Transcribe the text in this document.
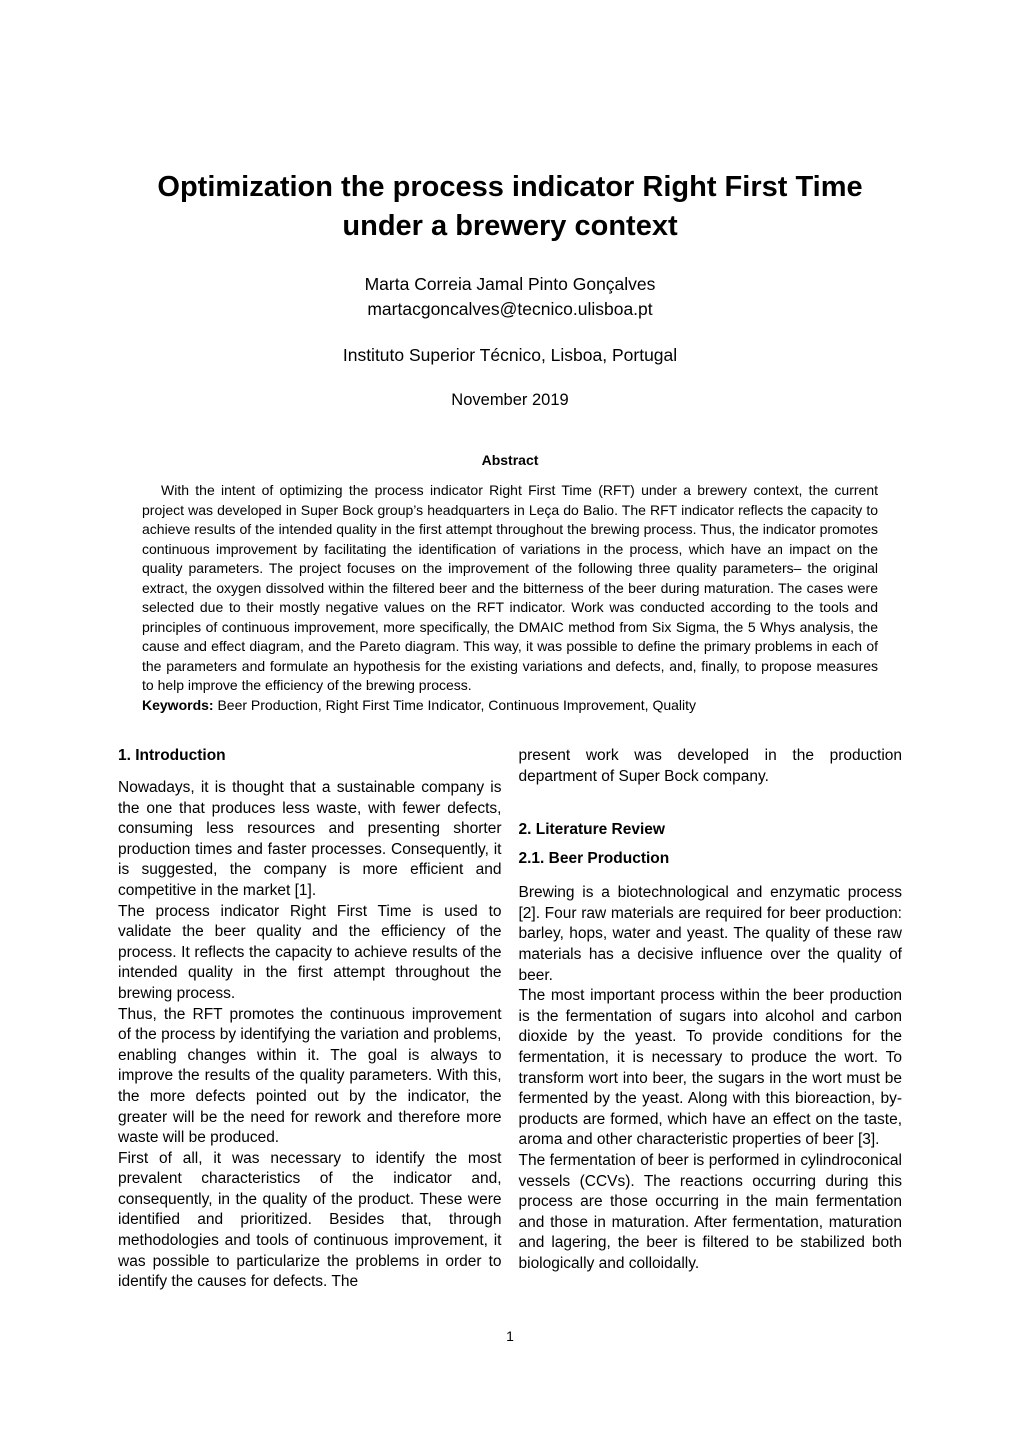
Optimization the process indicator Right First Time
under a brewery context
Marta Correia Jamal Pinto Gonçalves
martacgoncalves@tecnico.ulisboa.pt
Instituto Superior Técnico, Lisboa, Portugal
November 2019
Abstract

With the intent of optimizing the process indicator Right First Time (RFT) under a brewery context, the current project was developed in Super Bock group’s headquarters in Leça do Balio. The RFT indicator reflects the capacity to achieve results of the intended quality in the first attempt throughout the brewing process. Thus, the indicator promotes continuous improvement by facilitating the identification of variations in the process, which have an impact on the quality parameters. The project focuses on the improvement of the following three quality parameters– the original extract, the oxygen dissolved within the filtered beer and the bitterness of the beer during maturation. The cases were selected due to their mostly negative values on the RFT indicator. Work was conducted according to the tools and principles of continuous improvement, more specifically, the DMAIC method from Six Sigma, the 5 Whys analysis, the cause and effect diagram, and the Pareto diagram. This way, it was possible to define the primary problems in each of the parameters and formulate an hypothesis for the existing variations and defects, and, finally, to propose measures to help improve the efficiency of the brewing process.

Keywords: Beer Production, Right First Time Indicator, Continuous Improvement, Quality

1. Introduction

Nowadays, it is thought that a sustainable company is the one that produces less waste, with fewer defects, consuming less resources and presenting shorter production times and faster processes. Consequently, it is suggested, the company is more efficient and competitive in the market [1].

The process indicator Right First Time is used to validate the beer quality and the efficiency of the process. It reflects the capacity to achieve results of the intended quality in the first attempt throughout the brewing process.

Thus, the RFT promotes the continuous improvement of the process by identifying the variation and problems, enabling changes within it. The goal is always to improve the results of the quality parameters. With this, the more defects pointed out by the indicator, the greater will be the need for rework and therefore more waste will be produced.

First of all, it was necessary to identify the most prevalent characteristics of the indicator and, consequently, in the quality of the product. These were identified and prioritized. Besides that, through methodologies and tools of continuous improvement, it was possible to particularize the problems in order to identify the causes for defects. The

present work was developed in the production department of Super Bock company.

2. Literature Review
2.1. Beer Production

Brewing is a biotechnological and enzymatic process [2]. Four raw materials are required for beer production: barley, hops, water and yeast. The quality of these raw materials has a decisive influence over the quality of beer.

The most important process within the beer production is the fermentation of sugars into alcohol and carbon dioxide by the yeast. To provide conditions for the fermentation, it is necessary to produce the wort. To transform wort into beer, the sugars in the wort must be fermented by the yeast. Along with this bioreaction, by-products are formed, which have an effect on the taste, aroma and other characteristic properties of beer [3].

The fermentation of beer is performed in cylindroconical vessels (CCVs). The reactions occurring during this process are those occurring in the main fermentation and those in maturation. After fermentation, maturation and lagering, the beer is filtered to be stabilized both biologically and colloidally.

1
